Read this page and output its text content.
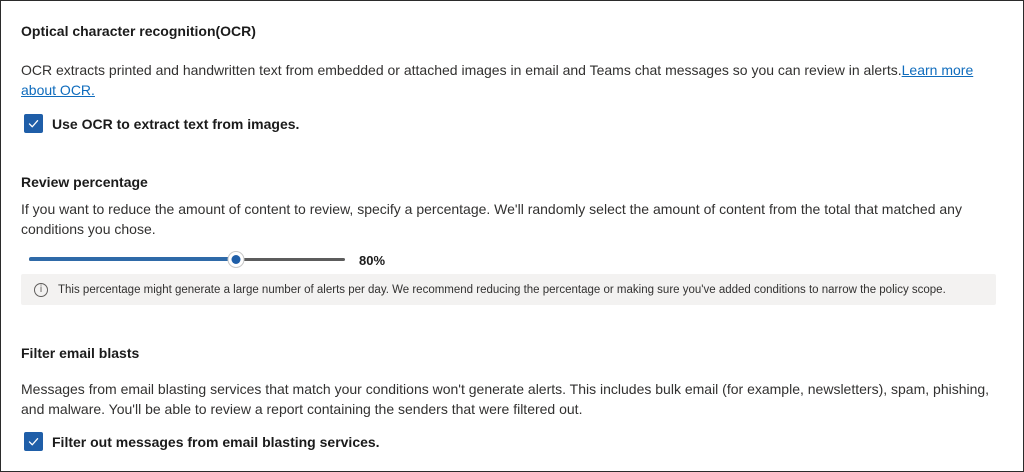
Optical character recognition(OCR)
OCR extracts printed and handwritten text from embedded or attached images in email and Teams chat messages so you can review in alerts.Learn more about OCR.
Use OCR to extract text from images.
Review percentage
If you want to reduce the amount of content to review, specify a percentage. We'll randomly select the amount of content from the total that matched any conditions you chose.
80%
i	This percentage might generate a large number of alerts per day. We recommend reducing the percentage or making sure you've added conditions to narrow the policy scope.
Filter email blasts
Messages from email blasting services that match your conditions won't generate alerts. This includes bulk email (for example, newsletters), spam, phishing, and malware. You'll be able to review a report containing the senders that were filtered out.
Filter out messages from email blasting services.
